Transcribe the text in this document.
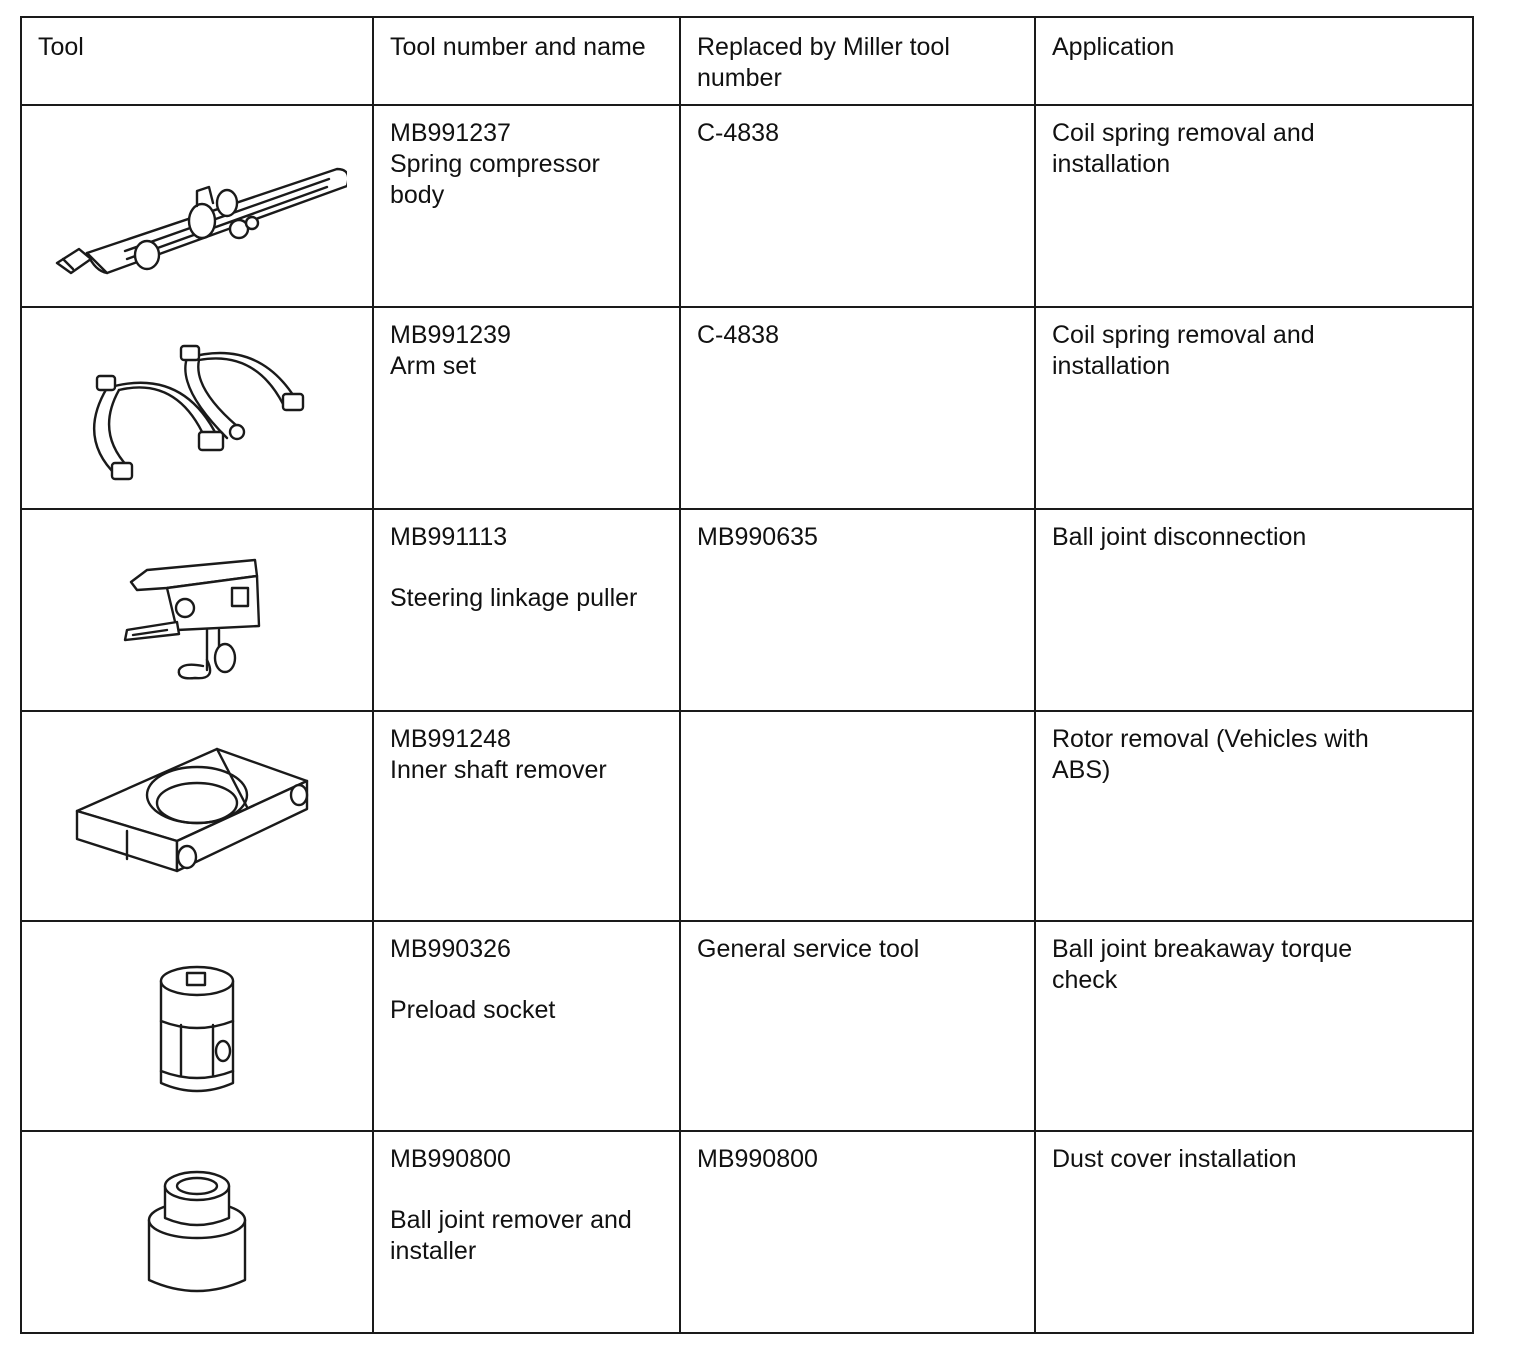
Tool	Tool number and name	Replaced by Miller tool number	Application

MB991237
Spring compressor body	C-4838	Coil spring removal and installation

MB991239
Arm set	C-4838	Coil spring removal and installation

MB991113
Steering linkage puller	MB990635	Ball joint disconnection

MB991248
Inner shaft remover		Rotor removal (Vehicles with ABS)

MB990326
Preload socket	General service tool	Ball joint breakaway torque check

MB990800
Ball joint remover and installer	MB990800	Dust cover installation
